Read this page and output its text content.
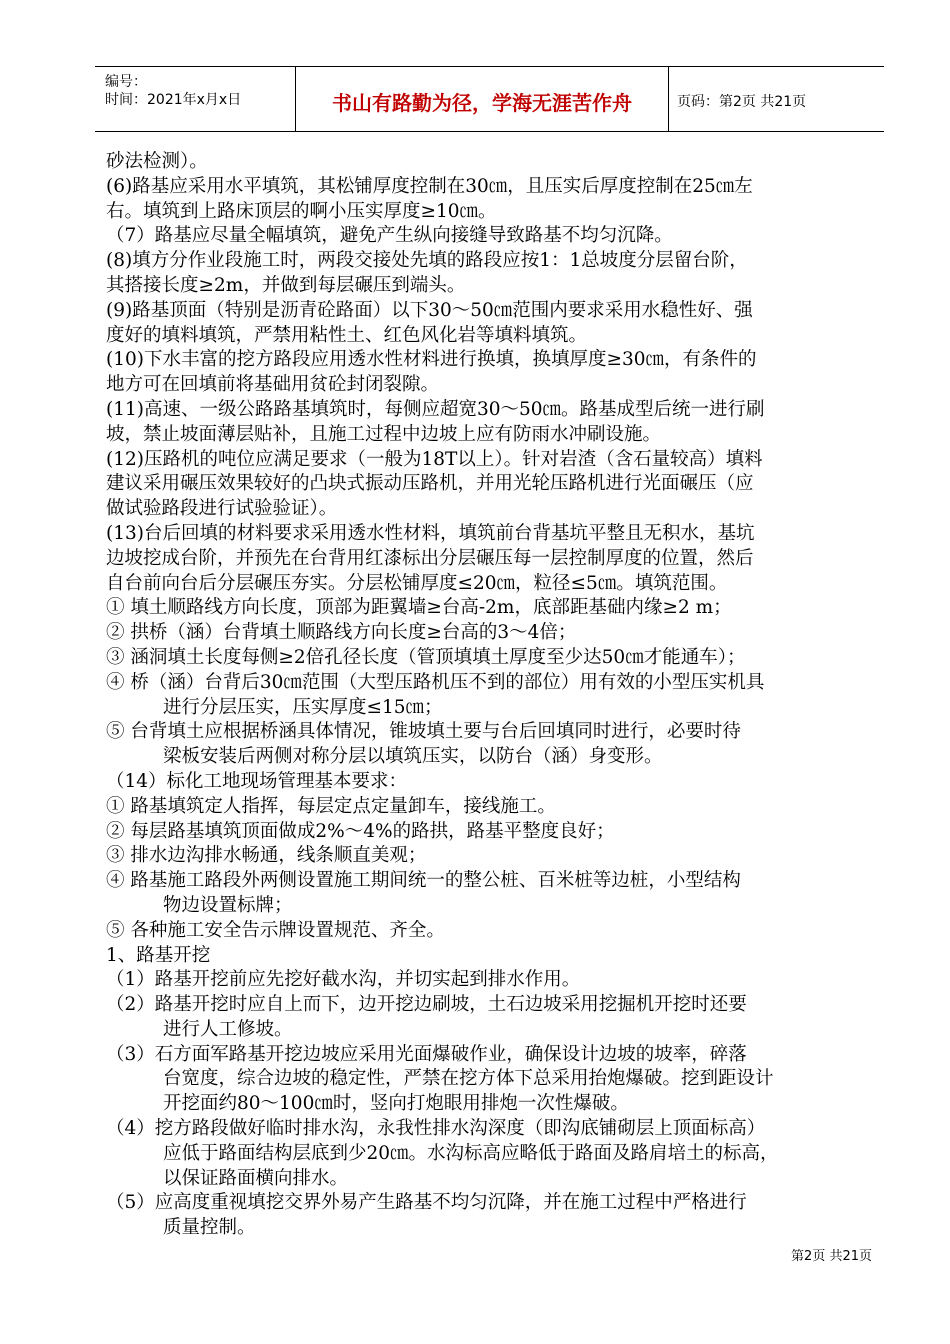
编号：
时间：2021年x月x日	书山有路勤为径，学海无涯苦作舟	页码：第2页 共21页
砂法检测）。
(6)路基应采用水平填筑，其松铺厚度控制在30㎝，且压实后厚度控制在25㎝左
右。填筑到上路床顶层的啊小压实厚度≥10㎝。
（7）路基应尽量全幅填筑，避免产生纵向接缝导致路基不均匀沉降。
(8)填方分作业段施工时，两段交接处先填的路段应按1：1总坡度分层留台阶，
其搭接长度≥2m，并做到每层碾压到端头。
(9)路基顶面（特别是沥青砼路面）以下30～50㎝范围内要求采用水稳性好、强
度好的填料填筑，严禁用粘性土、红色风化岩等填料填筑。
(10)下水丰富的挖方路段应用透水性材料进行换填，换填厚度≥30㎝，有条件的
地方可在回填前将基础用贫砼封闭裂隙。
(11)高速、一级公路路基填筑时，每侧应超宽30～50㎝。路基成型后统一进行刷
坡，禁止坡面薄层贴补，且施工过程中边坡上应有防雨水冲刷设施。
(12)压路机的吨位应满足要求（一般为18T以上）。针对岩渣（含石量较高）填料
建议采用碾压效果较好的凸块式振动压路机，并用光轮压路机进行光面碾压（应
做试验路段进行试验验证）。
(13)台后回填的材料要求采用透水性材料，填筑前台背基坑平整且无积水，基坑
边坡挖成台阶，并预先在台背用红漆标出分层碾压每一层控制厚度的位置，然后
自台前向台后分层碾压夯实。分层松铺厚度≤20㎝，粒径≤5㎝。填筑范围。
① 填土顺路线方向长度，顶部为距翼墙≥台高-2m，底部距基础内缘≥2 m；
② 拱桥（涵）台背填土顺路线方向长度≥台高的3～4倍；
③ 涵洞填土长度每侧≥2倍孔径长度（管顶填填土厚度至少达50㎝才能通车）；
④ 桥（涵）台背后30㎝范围（大型压路机压不到的部位）用有效的小型压实机具
进行分层压实，压实厚度≤15㎝；
⑤ 台背填土应根据桥涵具体情况，锥坡填土要与台后回填同时进行，必要时待
梁板安装后两侧对称分层以填筑压实，以防台（涵）身变形。
（14）标化工地现场管理基本要求：
① 路基填筑定人指挥，每层定点定量卸车，接线施工。
② 每层路基填筑顶面做成2%～4%的路拱，路基平整度良好；
③ 排水边沟排水畅通，线条顺直美观；
④ 路基施工路段外两侧设置施工期间统一的整公桩、百米桩等边桩，小型结构
物边设置标牌；
⑤ 各种施工安全告示牌设置规范、齐全。
1、路基开挖
（1）路基开挖前应先挖好截水沟，并切实起到排水作用。
（2）路基开挖时应自上而下，边开挖边刷坡，土石边坡采用挖掘机开挖时还要
进行人工修坡。
（3）石方面军路基开挖边坡应采用光面爆破作业，确保设计边坡的坡率，碎落
台宽度，综合边坡的稳定性，严禁在挖方体下总采用抬炮爆破。挖到距设计
开挖面约80～100㎝时，竖向打炮眼用排炮一次性爆破。
（4）挖方路段做好临时排水沟，永我性排水沟深度（即沟底铺砌层上顶面标高）
应低于路面结构层底到少20㎝。水沟标高应略低于路面及路肩培土的标高，
以保证路面横向排水。
（5）应高度重视填挖交界外易产生路基不均匀沉降，并在施工过程中严格进行
质量控制。
第2页 共21页
